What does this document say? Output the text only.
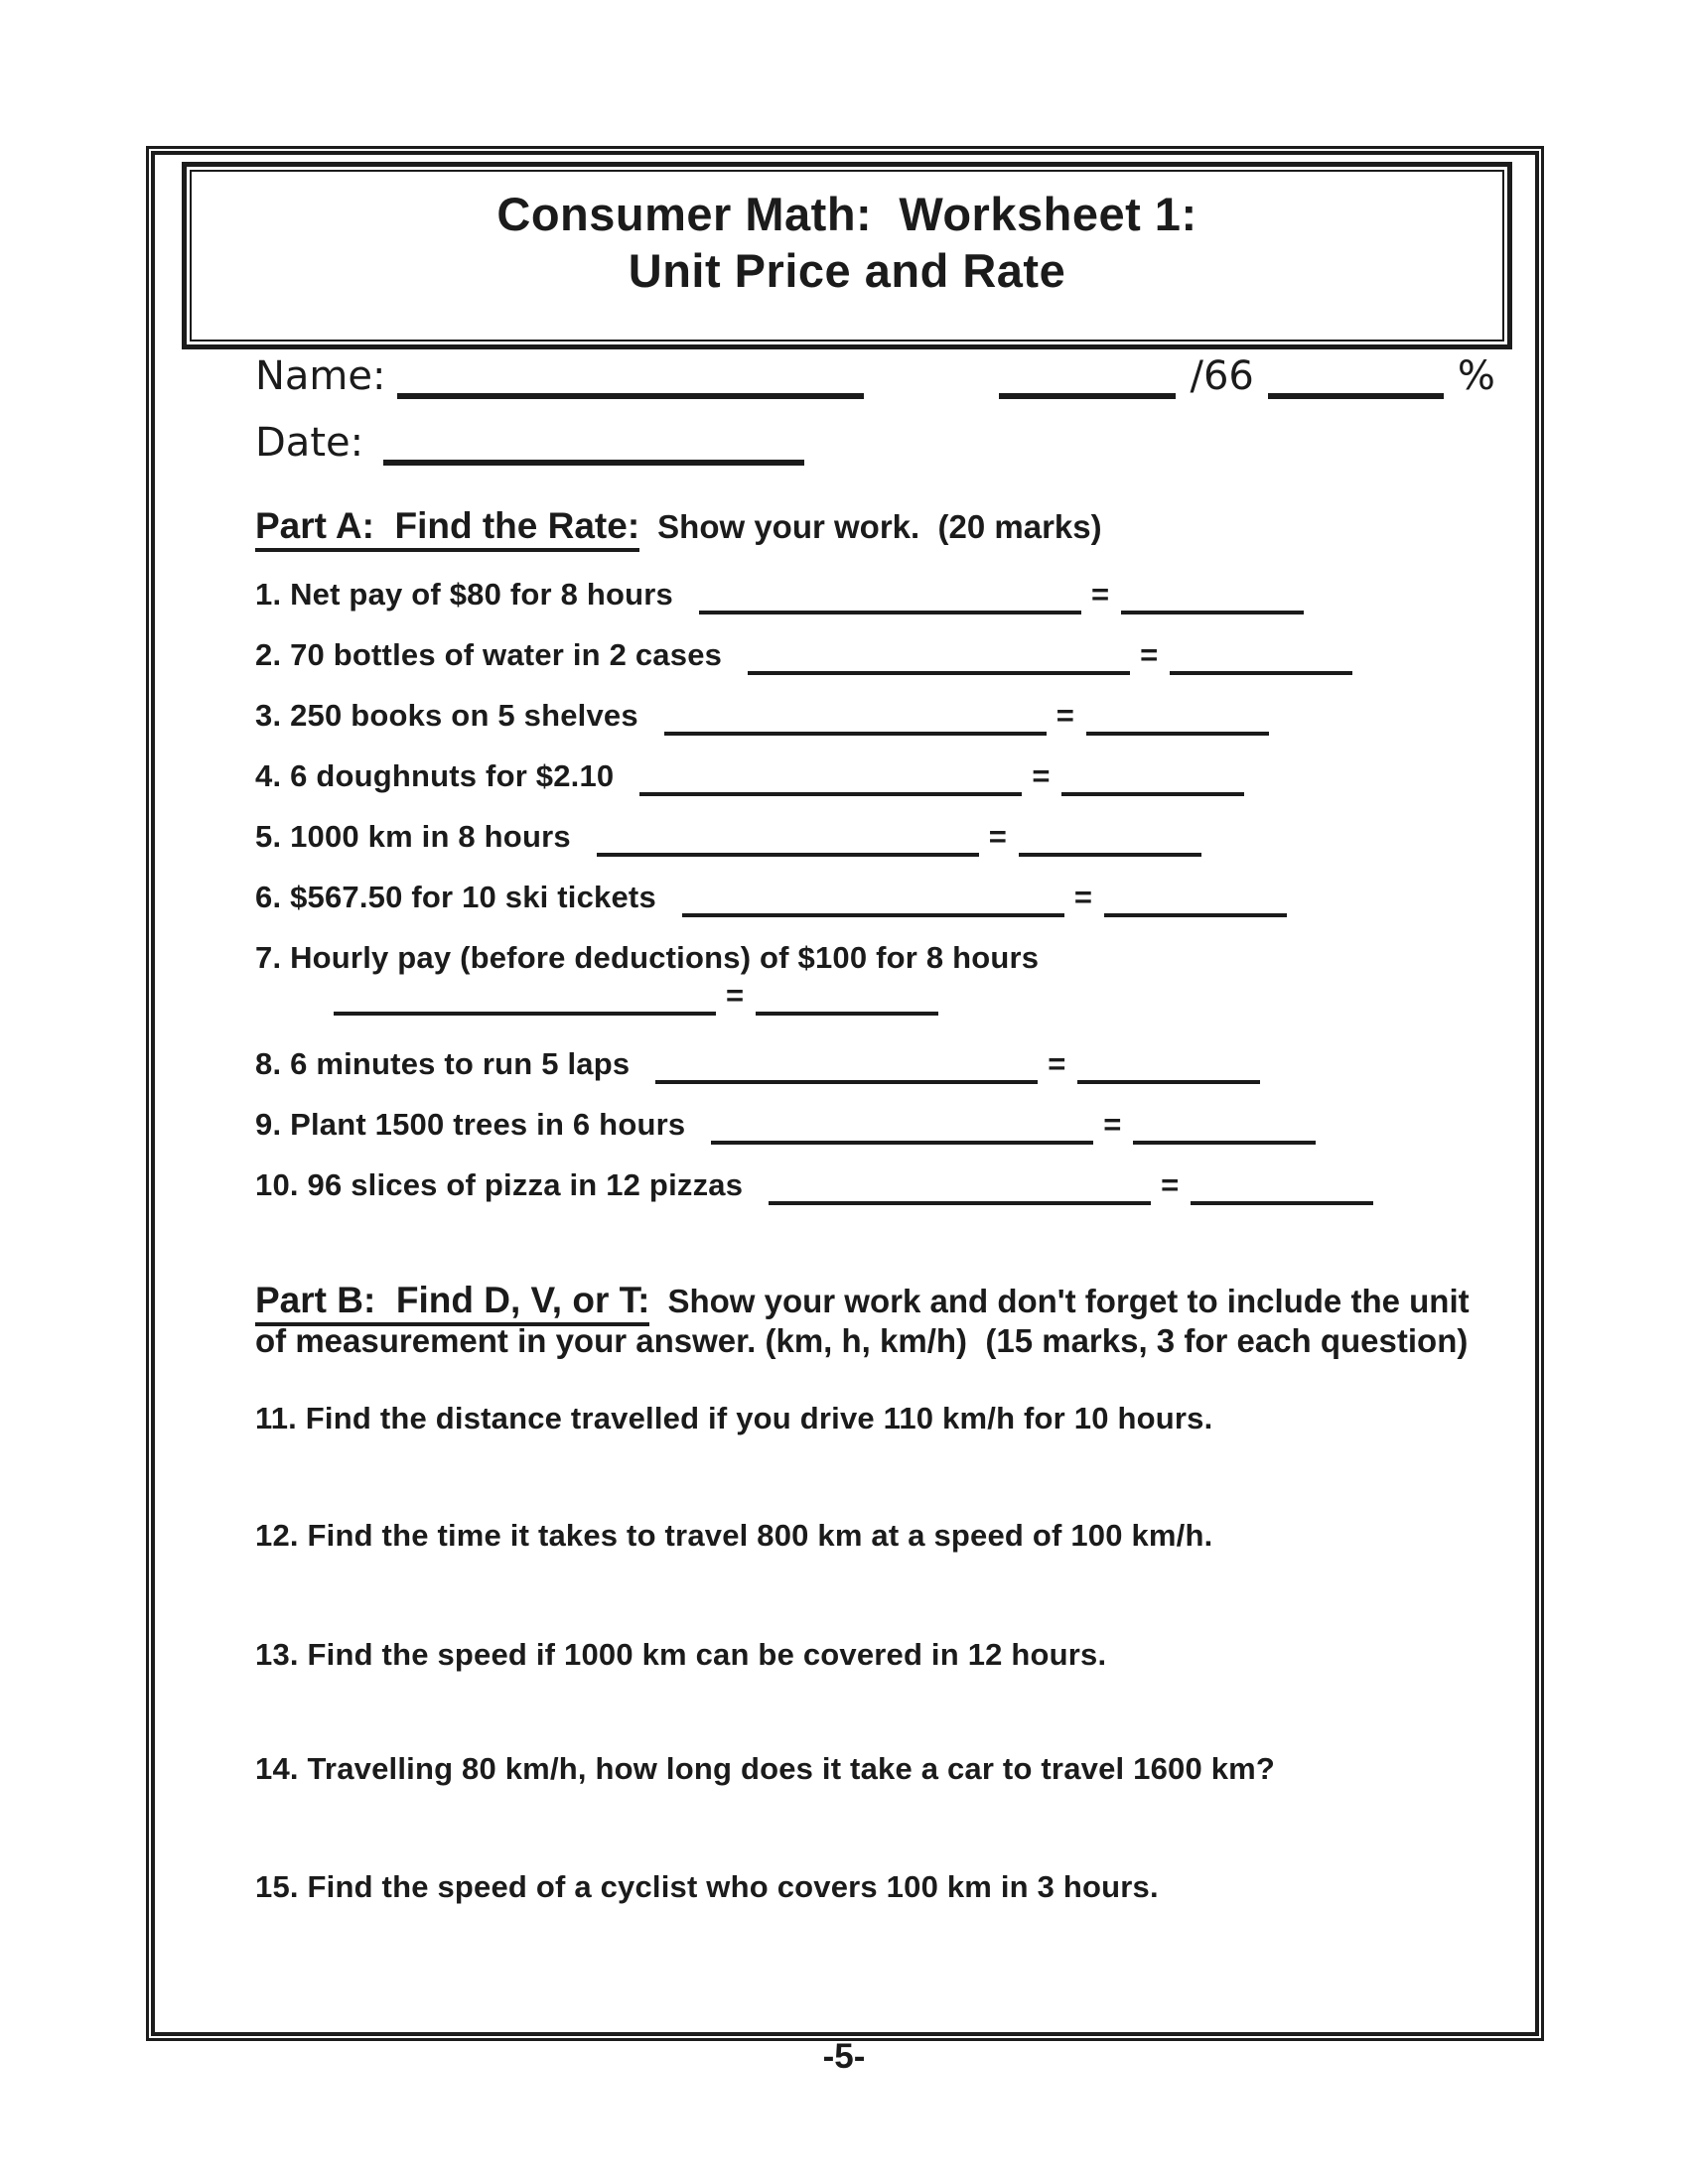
Consumer Math:  Worksheet 1:
Unit Price and Rate
Name:	/66	%
Date:
Part A:  Find the Rate: Show your work.  (20 marks)
1. Net pay of $80 for 8 hours	=
2. 70 bottles of water in 2 cases	=
3. 250 books on 5 shelves	=
4. 6 doughnuts for $2.10	=
5. 1000 km in 8 hours	=
6. $567.50 for 10 ski tickets	=
7. Hourly pay (before deductions) of $100 for 8 hours
=
8. 6 minutes to run 5 laps	=
9. Plant 1500 trees in 6 hours	=
10. 96 slices of pizza in 12 pizzas	=
Part B:  Find D, V, or T: Show your work and don't forget to include the unit
of measurement in your answer. (km, h, km/h)  (15 marks, 3 for each question)
11. Find the distance travelled if you drive 110 km/h for 10 hours.
12. Find the time it takes to travel 800 km at a speed of 100 km/h.
13. Find the speed if 1000 km can be covered in 12 hours.
14. Travelling 80 km/h, how long does it take a car to travel 1600 km?
15. Find the speed of a cyclist who covers 100 km in 3 hours.
-5-
